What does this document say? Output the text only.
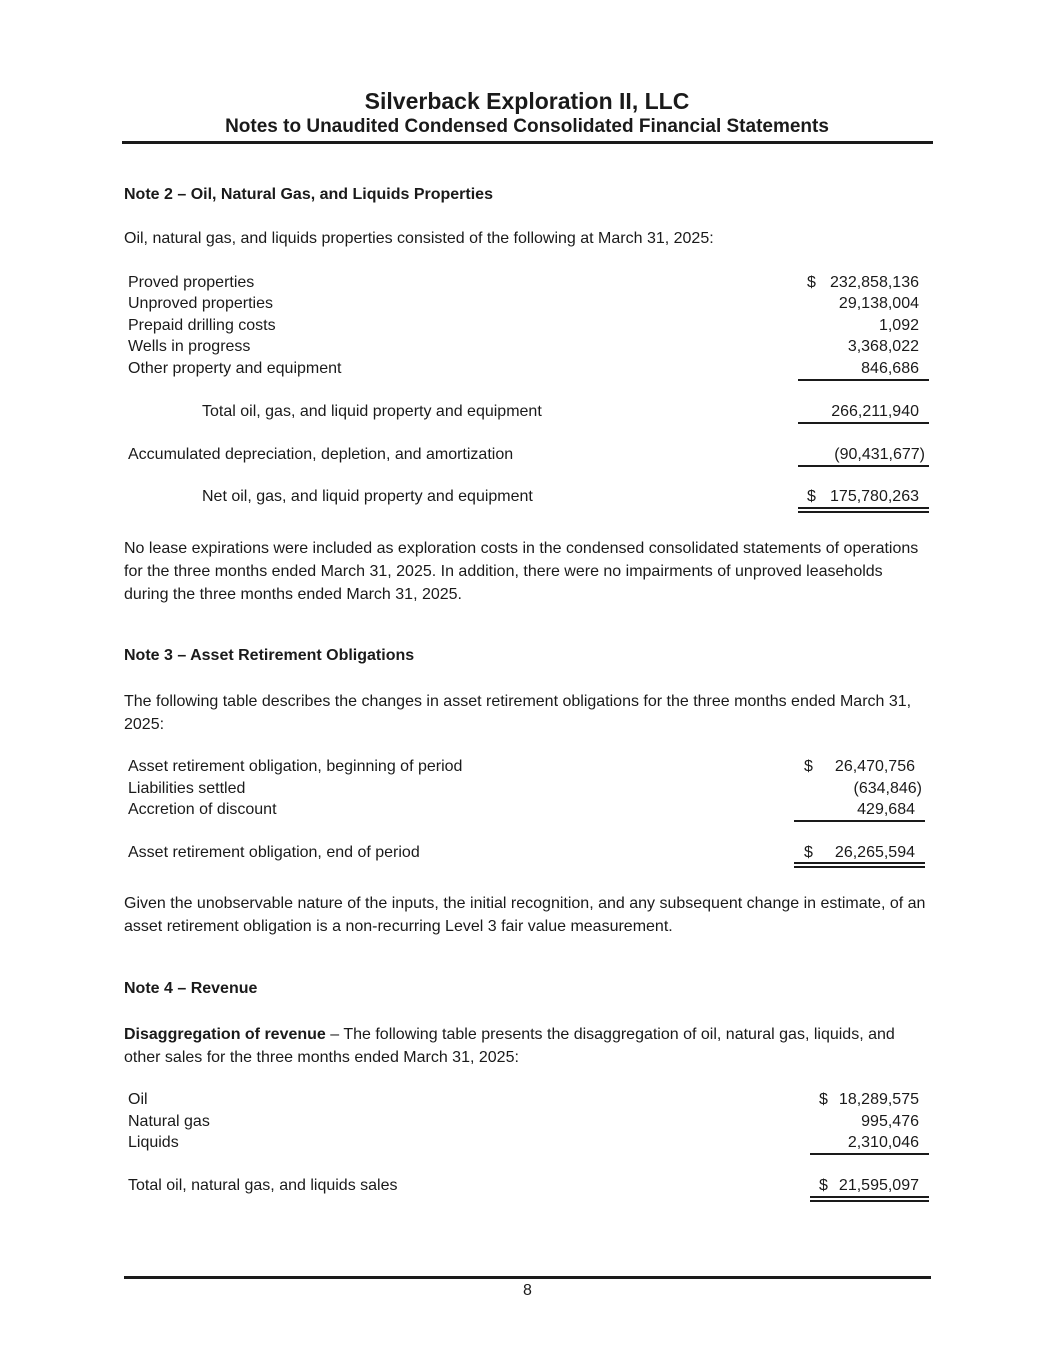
Silverback Exploration II, LLC
Notes to Unaudited Condensed Consolidated Financial Statements
Note 2 – Oil, Natural Gas, and Liquids Properties
Oil, natural gas, and liquids properties consisted of the following at March 31, 2025:
Proved properties	$ 232,858,136
Unproved properties	29,138,004
Prepaid drilling costs	1,092
Wells in progress	3,368,022
Other property and equipment	846,686
Total oil, gas, and liquid property and equipment	266,211,940
Accumulated depreciation, depletion, and amortization	(90,431,677)
Net oil, gas, and liquid property and equipment	$ 175,780,263
No lease expirations were included as exploration costs in the condensed consolidated statements of operations for the three months ended March 31, 2025. In addition, there were no impairments of unproved leaseholds during the three months ended March 31, 2025.
Note 3 – Asset Retirement Obligations
The following table describes the changes in asset retirement obligations for the three months ended March 31, 2025:
Asset retirement obligation, beginning of period	$ 26,470,756
Liabilities settled	(634,846)
Accretion of discount	429,684
Asset retirement obligation, end of period	$ 26,265,594
Given the unobservable nature of the inputs, the initial recognition, and any subsequent change in estimate, of an asset retirement obligation is a non-recurring Level 3 fair value measurement.
Note 4 – Revenue
Disaggregation of revenue – The following table presents the disaggregation of oil, natural gas, liquids, and other sales for the three months ended March 31, 2025:
Oil	$ 18,289,575
Natural gas	995,476
Liquids	2,310,046
Total oil, natural gas, and liquids sales	$ 21,595,097
8
